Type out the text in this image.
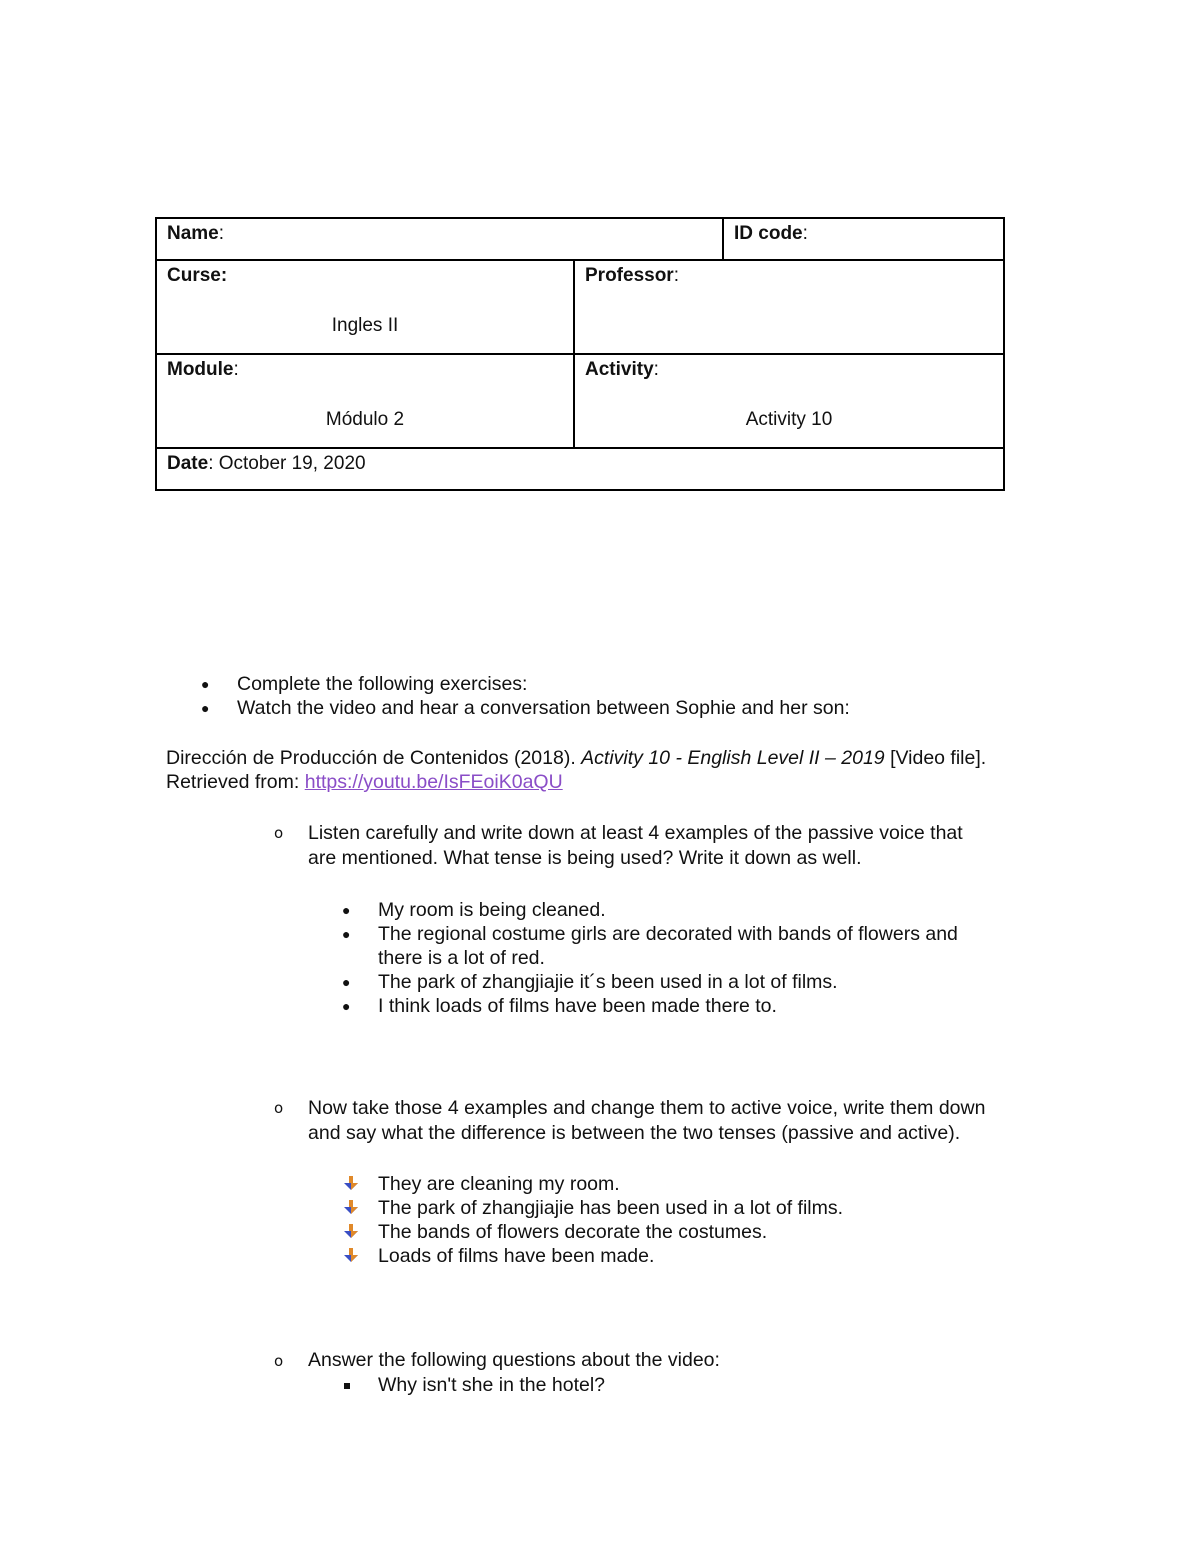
Name:	ID code:
Curse:
Ingles II
Professor:
Module:
Módulo 2
Activity:
Activity 10
Date: October 19, 2020
● Complete the following exercises:
● Watch the video and hear a conversation between Sophie and her son:
Dirección de Producción de Contenidos (2018). Activity 10 - English Level II – 2019 [Video file].
Retrieved from: https://youtu.be/IsFEoiK0aQU
o Listen carefully and write down at least 4 examples of the passive voice that
are mentioned. What tense is being used? Write it down as well.
● My room is being cleaned.
● The regional costume girls are decorated with bands of flowers and
there is a lot of red.
● The park of zhangjiajie it´s been used in a lot of films.
● I think loads of films have been made there to.
o Now take those 4 examples and change them to active voice, write them down
and say what the difference is between the two tenses (passive and active).
They are cleaning my room.
The park of zhangjiajie has been used in a lot of films.
The bands of flowers decorate the costumes.
Loads of films have been made.
o Answer the following questions about the video:
Why isn't she in the hotel?
